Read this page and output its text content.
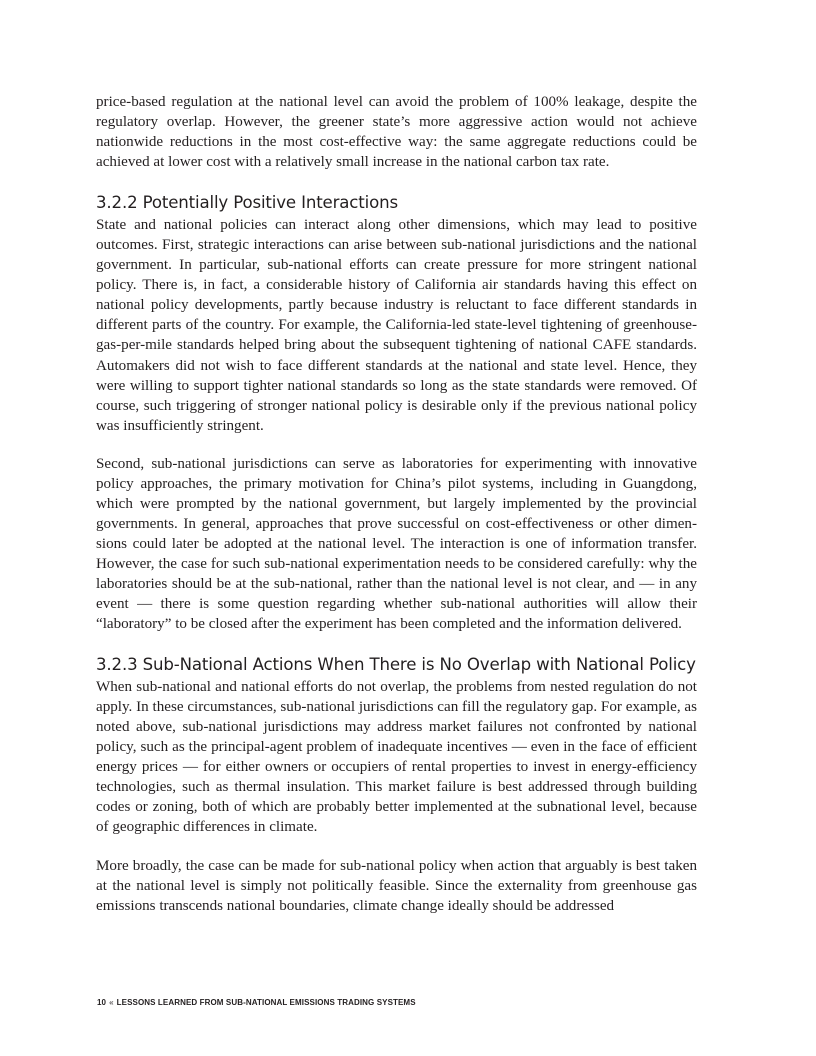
price-based regulation at the national level can avoid the problem of 100% leakage, despite the regulatory overlap. However, the greener state’s more aggressive action would not achieve nationwide reductions in the most cost-effective way: the same aggregate reductions could be achieved at lower cost with a relatively small increase in the national carbon tax rate.

3.2.2 Potentially Positive Interactions

State and national policies can interact along other dimensions, which may lead to positive outcomes. First, strategic interactions can arise between sub-national jurisdictions and the national government. In particular, sub-national efforts can create pressure for more stringent national policy. There is, in fact, a considerable history of California air standards having this effect on national policy developments, partly because industry is reluctant to face different standards in different parts of the country. For example, the California-led state-level tightening of greenhouse-gas-per-mile standards helped bring about the subsequent tightening of national CAFE standards. Automakers did not wish to face different standards at the national and state level. Hence, they were willing to support tighter national standards so long as the state standards were removed. Of course, such triggering of stronger national policy is desirable only if the previous national policy was insufficiently stringent.

Second, sub-national jurisdictions can serve as laboratories for experimenting with innovative policy approaches, the primary motivation for China’s pilot systems, including in Guangdong, which were prompted by the national government, but largely implemented by the provincial governments. In general, approaches that prove successful on cost-effectiveness or other dimensions could later be adopted at the national level. The interaction is one of information transfer. However, the case for such sub-national experimentation needs to be considered carefully: why the laboratories should be at the sub-national, rather than the national level is not clear, and — in any event — there is some question regarding whether sub-national authorities will allow their “laboratory” to be closed after the experiment has been completed and the information delivered.

3.2.3 Sub-National Actions When There is No Overlap with National Policy

When sub-national and national efforts do not overlap, the problems from nested regulation do not apply. In these circumstances, sub-national jurisdictions can fill the regulatory gap. For example, as noted above, sub-national jurisdictions may address market failures not confronted by national policy, such as the principal-agent problem of inadequate incentives — even in the face of efficient energy prices — for either owners or occupiers of rental properties to invest in energy-efficiency technologies, such as thermal insulation. This market failure is best addressed through building codes or zoning, both of which are probably better implemented at the subnational level, because of geographic differences in climate.

More broadly, the case can be made for sub-national policy when action that arguably is best taken at the national level is simply not politically feasible. Since the externality from greenhouse gas emissions transcends national boundaries, climate change ideally should be addressed

10 « LESSONS LEARNED FROM SUB-NATIONAL EMISSIONS TRADING SYSTEMS
